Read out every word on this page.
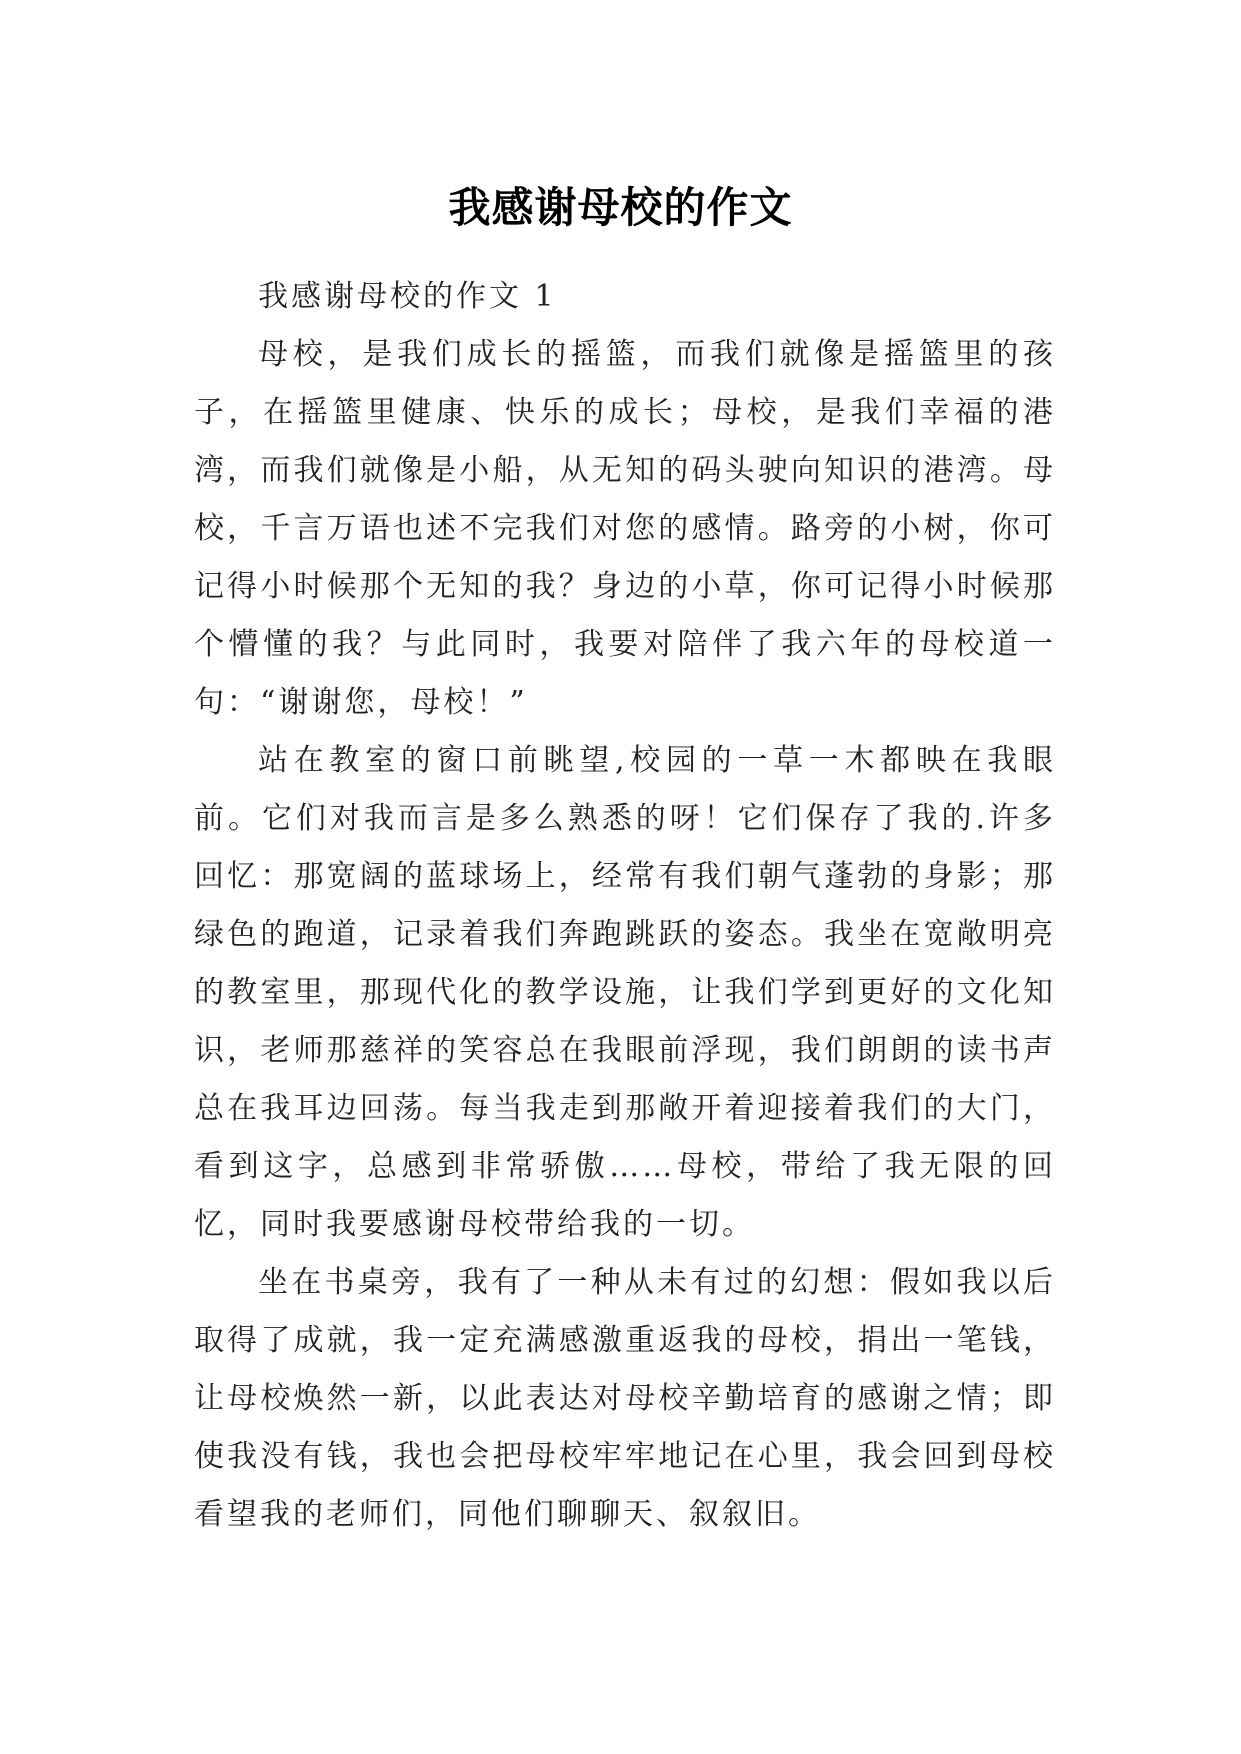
我感谢母校的作文
我感谢母校的作文 1

母校，是我们成长的摇篮，而我们就像是摇篮里的孩子，在摇篮里健康、快乐的成长；母校，是我们幸福的港湾，而我们就像是小船，从无知的码头驶向知识的港湾。母校，千言万语也述不完我们对您的感情。路旁的小树，你可记得小时候那个无知的我？身边的小草，你可记得小时候那个懵懂的我？与此同时，我要对陪伴了我六年的母校道一句：“谢谢您，母校！”

站在教室的窗口前眺望,校园的一草一木都映在我眼前。它们对我而言是多么熟悉的呀！它们保存了我的.许多回忆：那宽阔的蓝球场上，经常有我们朝气蓬勃的身影；那绿色的跑道，记录着我们奔跑跳跃的姿态。我坐在宽敞明亮的教室里，那现代化的教学设施，让我们学到更好的文化知识，老师那慈祥的笑容总在我眼前浮现，我们朗朗的读书声总在我耳边回荡。每当我走到那敞开着迎接着我们的大门，看到这字，总感到非常骄傲……母校，带给了我无限的回忆，同时我要感谢母校带给我的一切。

坐在书桌旁，我有了一种从未有过的幻想：假如我以后取得了成就，我一定充满感激重返我的母校，捐出一笔钱，让母校焕然一新，以此表达对母校辛勤培育的感谢之情；即使我没有钱，我也会把母校牢牢地记在心里，我会回到母校看望我的老师们，同他们聊聊天、叙叙旧。
